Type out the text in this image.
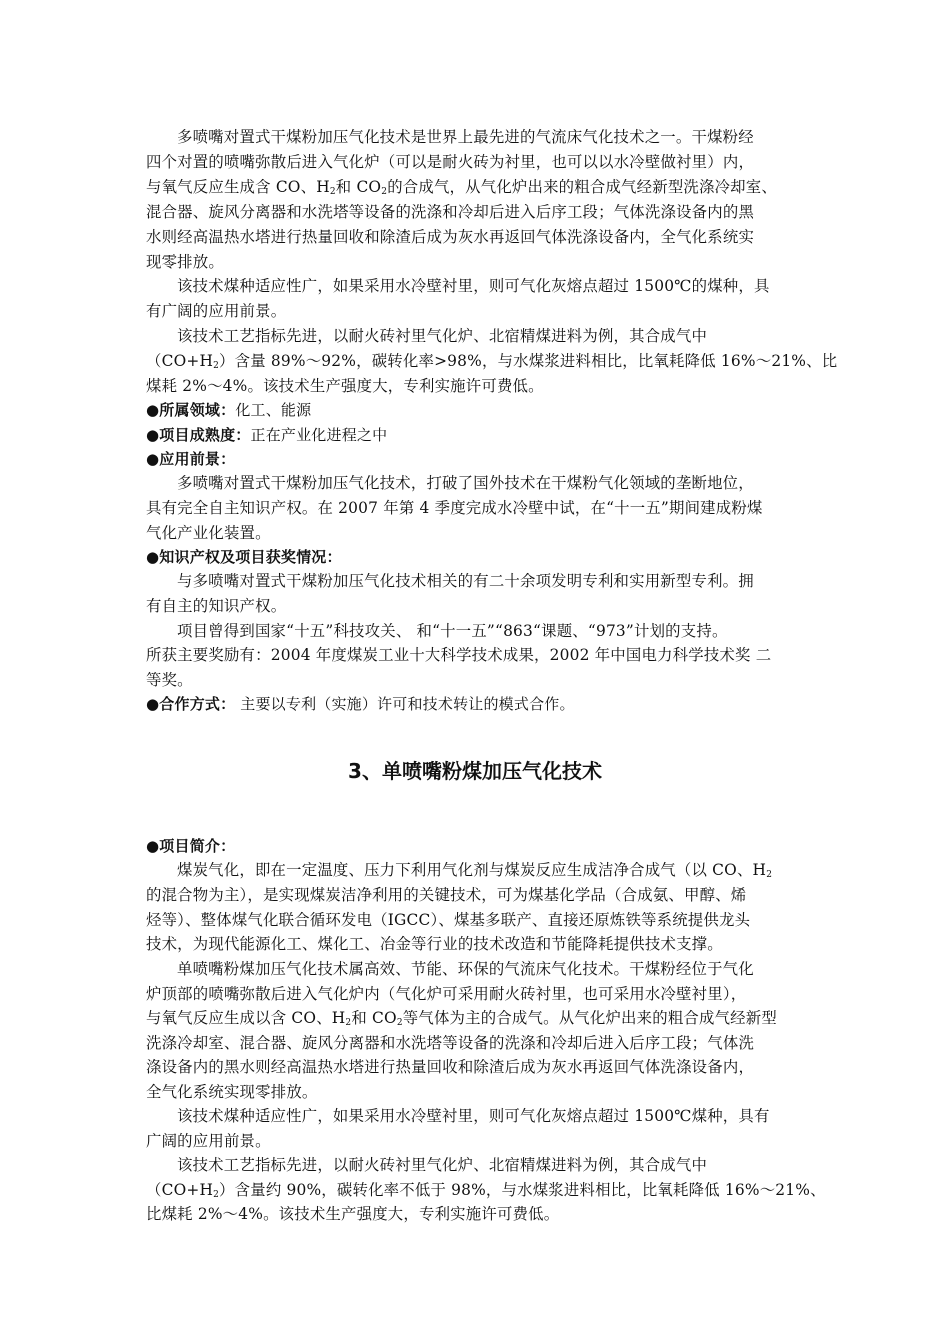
多喷嘴对置式干煤粉加压气化技术是世界上最先进的气流床气化技术之一。干煤粉经
四个对置的喷嘴弥散后进入气化炉（可以是耐火砖为衬里，也可以以水冷壁做衬里）内，
与氧气反应生成含 CO、$H_2$和 $CO_2$的合成气，从气化炉出来的粗合成气经新型洗涤冷却室、
混合器、旋风分离器和水洗塔等设备的洗涤和冷却后进入后序工段；气体洗涤设备内的黑
水则经高温热水塔进行热量回收和除渣后成为灰水再返回气体洗涤设备内，全气化系统实
现零排放。
该技术煤种适应性广，如果采用水冷壁衬里，则可气化灰熔点超过 1500℃的煤种，具
有广阔的应用前景。
该技术工艺指标先进，以耐火砖衬里气化炉、北宿精煤进料为例，其合成气中
$(CO+H_2)$含量 89%～92%，碳转化率>98%，与水煤浆进料相比，比氧耗降低 16%～21%、比
煤耗 2%～4%。该技术生产强度大，专利实施许可费低。
●所属领域：化工、能源
●项目成熟度：正在产业化进程之中
●应用前景：
多喷嘴对置式干煤粉加压气化技术，打破了国外技术在干煤粉气化领域的垄断地位，
具有完全自主知识产权。在 2007 年第 4 季度完成水冷壁中试，在“十一五”期间建成粉煤
气化产业化装置。
●知识产权及项目获奖情况：
与多喷嘴对置式干煤粉加压气化技术相关的有二十余项发明专利和实用新型专利。拥
有自主的知识产权。
项目曾得到国家“十五”科技攻关、 和“十一五”“863“课题、“973”计划的支持。
所获主要奖励有：2004 年度煤炭工业十大科学技术成果，2002 年中国电力科学技术奖 二
等奖。
●合作方式： 主要以专利（实施）许可和技术转让的模式合作。
3、单喷嘴粉煤加压气化技术
●项目简介：
煤炭气化，即在一定温度、压力下利用气化剂与煤炭反应生成洁净合成气（以 CO、$H_2$
的混合物为主），是实现煤炭洁净利用的关键技术，可为煤基化学品（合成氨、甲醇、烯
烃等）、整体煤气化联合循环发电（IGCC）、煤基多联产、直接还原炼铁等系统提供龙头
技术，为现代能源化工、煤化工、冶金等行业的技术改造和节能降耗提供技术支撑。
单喷嘴粉煤加压气化技术属高效、节能、环保的气流床气化技术。干煤粉经位于气化
炉顶部的喷嘴弥散后进入气化炉内（气化炉可采用耐火砖衬里，也可采用水冷壁衬里），
与氧气反应生成以含 CO、$H_2$和 $CO_2$等气体为主的合成气。从气化炉出来的粗合成气经新型
洗涤冷却室、混合器、旋风分离器和水洗塔等设备的洗涤和冷却后进入后序工段；气体洗
涤设备内的黑水则经高温热水塔进行热量回收和除渣后成为灰水再返回气体洗涤设备内，
全气化系统实现零排放。
该技术煤种适应性广，如果采用水冷壁衬里，则可气化灰熔点超过 1500℃煤种，具有
广阔的应用前景。
该技术工艺指标先进，以耐火砖衬里气化炉、北宿精煤进料为例，其合成气中
$(CO+H_2)$含量约 90%，碳转化率不低于 98%，与水煤浆进料相比，比氧耗降低 16%～21%、
比煤耗 2%～4%。该技术生产强度大，专利实施许可费低。
